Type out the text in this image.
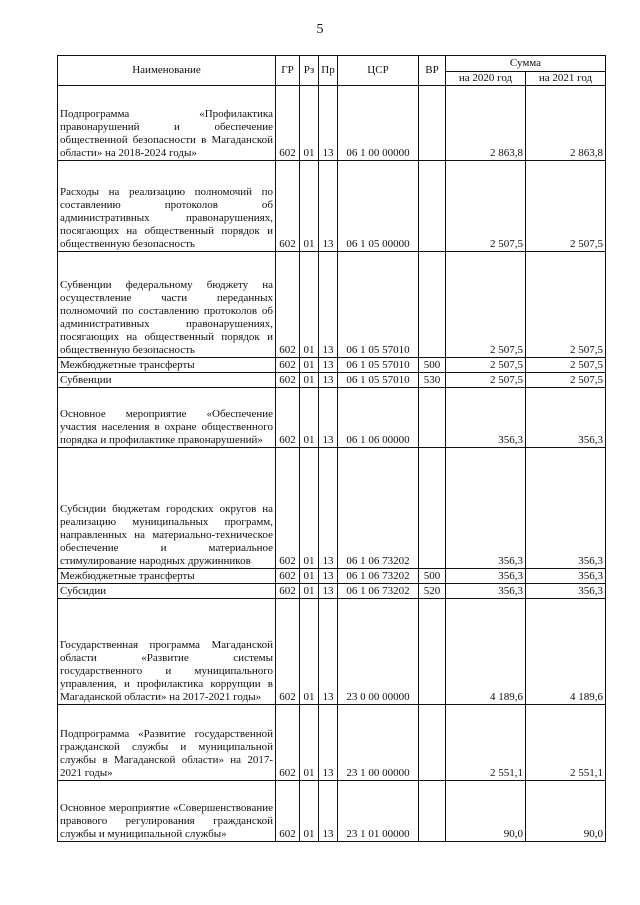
5
Наименование	ГР	Рз	Пр	ЦСР	ВР	Сумма	
						на 2020 год	на 2021 год
Подпрограмма «Профилактика правонарушений и обеспечение общественной безопасности в Магаданской области» на 2018-2024 годы»	602	01	13	06 1 00 00000		2 863,8	2 863,8
Расходы на реализацию полномочий по составлению протоколов об административных правонарушениях, посягающих на общественный порядок и общественную безопасность	602	01	13	06 1 05 00000		2 507,5	2 507,5
Субвенции федеральному бюджету на осуществление части переданных полномочий по составлению протоколов об административных правонарушениях, посягающих на общественный порядок и общественную безопасность	602	01	13	06 1 05 57010		2 507,5	2 507,5
Межбюджетные трансферты	602	01	13	06 1 05 57010	500	2 507,5	2 507,5
Субвенции	602	01	13	06 1 05 57010	530	2 507,5	2 507,5
Основное мероприятие «Обеспечение участия населения в охране общественного порядка и профилактике правонарушений»	602	01	13	06 1 06 00000		356,3	356,3
Субсидии бюджетам городских округов на реализацию муниципальных программ, направленных на материально-техническое обеспечение и материальное стимулирование народных дружинников	602	01	13	06 1 06 73202		356,3	356,3
Межбюджетные трансферты	602	01	13	06 1 06 73202	500	356,3	356,3
Субсидии	602	01	13	06 1 06 73202	520	356,3	356,3
Государственная программа Магаданской области «Развитие системы государственного и муниципального управления, и профилактика коррупции в Магаданской области» на 2017-2021 годы»	602	01	13	23 0 00 00000		4 189,6	4 189,6
Подпрограмма «Развитие государственной гражданской службы и муниципальной службы в Магаданской области» на 2017-2021 годы»	602	01	13	23 1 00 00000		2 551,1	2 551,1
Основное мероприятие «Совершенствование правового регулирования гражданской службы и муниципальной службы»	602	01	13	23 1 01 00000		90,0	90,0
